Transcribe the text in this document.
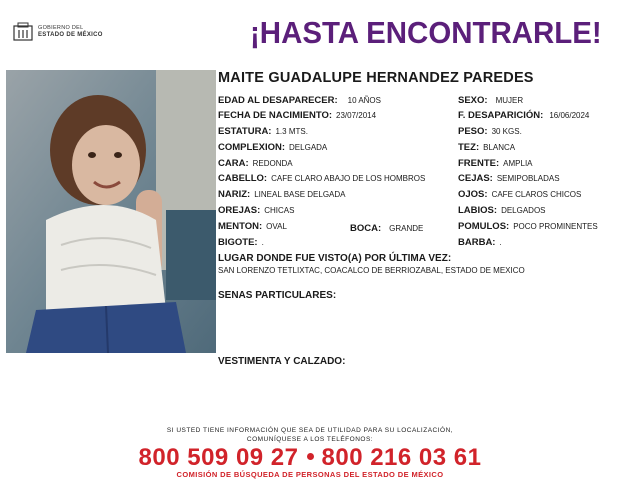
GOBIERNO DEL
ESTADO DE MÉXICO	¡HASTA ENCONTRARLE!
MAITE GUADALUPE HERNANDEZ PAREDES
EDAD AL DESAPARECER: 10 AÑOS
FECHA DE NACIMIENTO: 23/07/2014
ESTATURA: 1.3 MTS.
COMPLEXION: DELGADA
CARA: REDONDA
CABELLO: CAFE CLARO ABAJO DE LOS HOMBROS
NARIZ: LINEAL BASE DELGADA
OREJAS: CHICAS
MENTON: OVAL	BOCA: GRANDE
BIGOTE: .
SEXO: MUJER
F. DESAPARICIÓN: 16/06/2024
PESO: 30 KGS.
TEZ: BLANCA
FRENTE: AMPLIA
CEJAS: SEMIPOBLADAS
OJOS: CAFE CLAROS CHICOS
LABIOS: DELGADOS
POMULOS: POCO PROMINENTES
BARBA: .
LUGAR DONDE FUE VISTO(A) POR ÚLTIMA VEZ:
SAN LORENZO TETLIXTAC, COACALCO DE BERRIOZABAL, ESTADO DE MEXICO
SENAS PARTICULARES:
VESTIMENTA Y CALZADO:
SI USTED TIENE INFORMACIÓN QUE SEA DE UTILIDAD PARA SU LOCALIZACIÓN,
COMUNÍQUESE A LOS TELÉFONOS:
800 509 09 27 800 216 03 61
COMISIÓN DE BÚSQUEDA DE PERSONAS DEL ESTADO DE MÉXICO
